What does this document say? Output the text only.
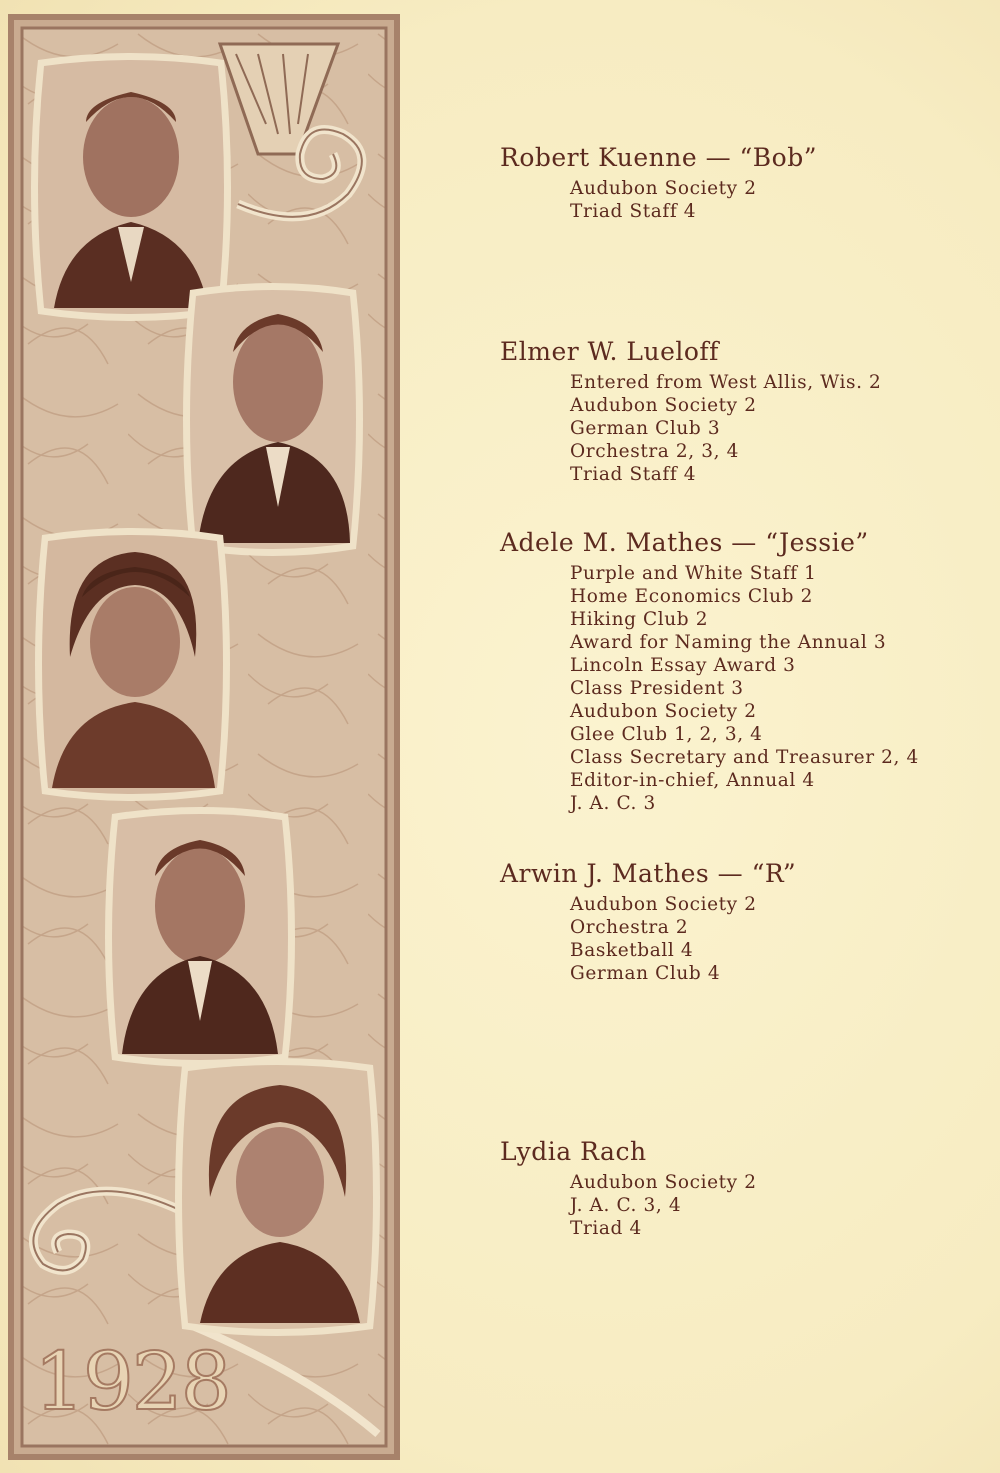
1928
Robert Kuenne — “Bob”
Audubon Society 2
Triad Staff 4
Elmer W. Lueloff
Entered from West Allis, Wis. 2
Audubon Society 2
German Club 3
Orchestra 2, 3, 4
Triad Staff 4
Adele M. Mathes — “Jessie”
Purple and White Staff 1
Home Economics Club 2
Hiking Club 2
Award for Naming the Annual 3
Lincoln Essay Award 3
Class President 3
Audubon Society 2
Glee Club 1, 2, 3, 4
Class Secretary and Treasurer 2, 4
Editor-in-chief, Annual 4
J. A. C. 3
Arwin J. Mathes — “R”
Audubon Society 2
Orchestra 2
Basketball 4
German Club 4
Lydia Rach
Audubon Society 2
J. A. C. 3, 4
Triad 4
